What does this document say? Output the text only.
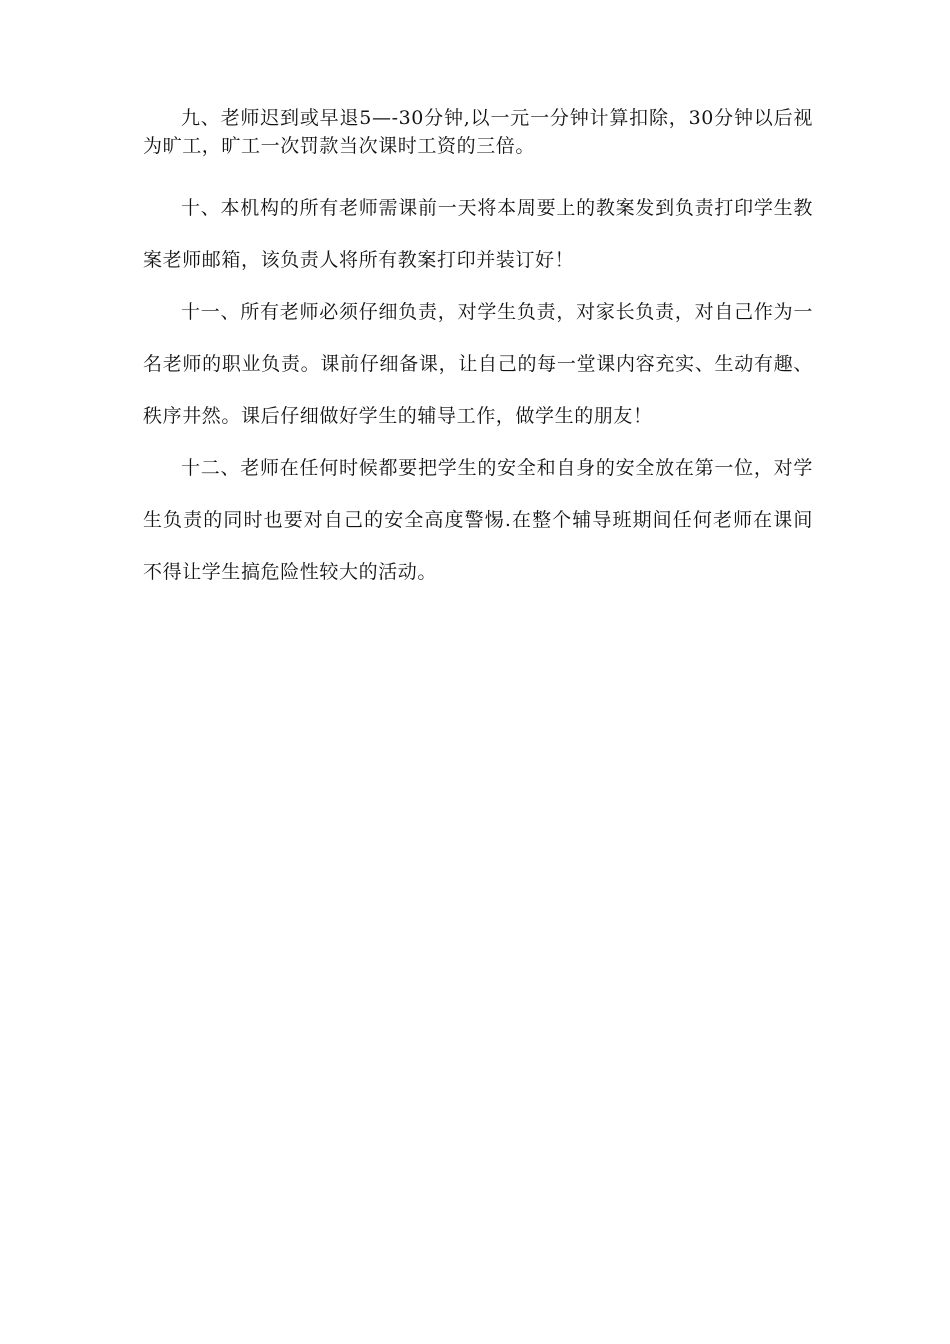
九、老师迟到或早退5—-30分钟,以一元一分钟计算扣除，30分钟以后视为旷工，旷工一次罚款当次课时工资的三倍。

十、本机构的所有老师需课前一天将本周要上的教案发到负责打印学生教案老师邮箱，该负责人将所有教案打印并装订好！

十一、所有老师必须仔细负责，对学生负责，对家长负责，对自己作为一名老师的职业负责。课前仔细备课，让自己的每一堂课内容充实、生动有趣、秩序井然。课后仔细做好学生的辅导工作，做学生的朋友！

十二、老师在任何时候都要把学生的安全和自身的安全放在第一位，对学生负责的同时也要对自己的安全高度警惕.在整个辅导班期间任何老师在课间不得让学生搞危险性较大的活动。
